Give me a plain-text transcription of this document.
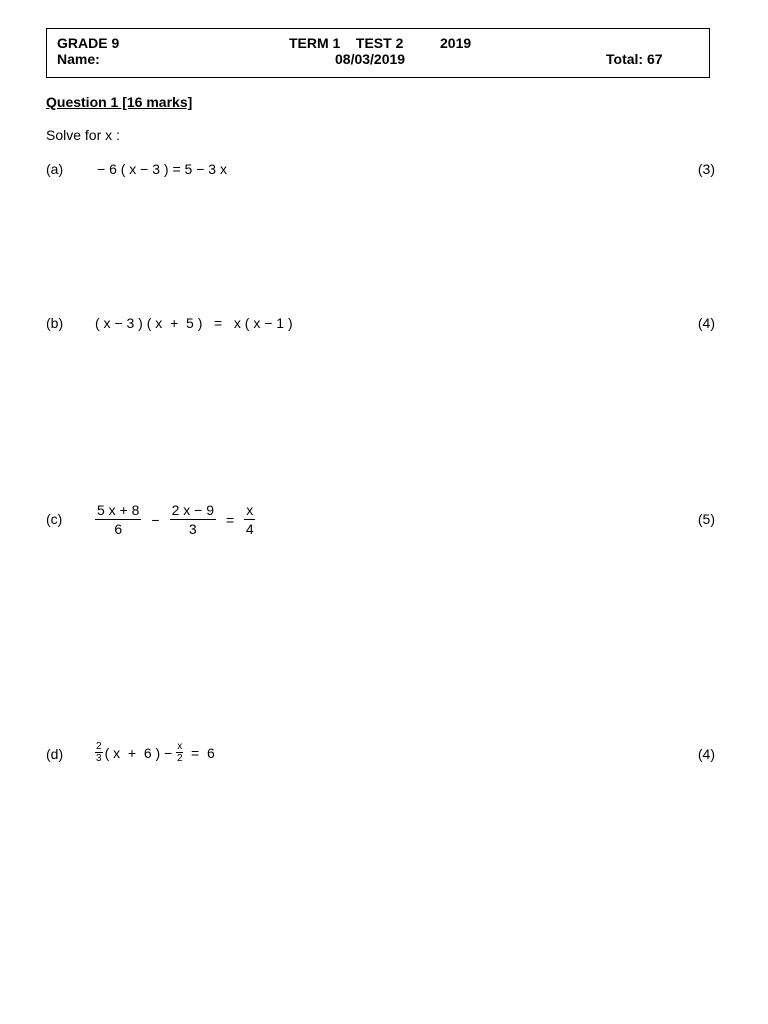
GRADE 9	TERM 1    TEST 2	2019
Name:	08/03/2019	Total: 67
Question 1 [16 marks]
Solve for x :
(a) − 6 ( x − 3 ) = 5 − 3 x	(3)
(b) ( x − 3 ) ( x  +  5 )   =   x ( x − 1 )	(4)
$(c) \frac{5 x + 8}{6} - \frac{2 x - 9}{3} = \frac{x}{4}$	(5)
(d)	$\frac{2}{3}$ ( x  +  6 ) − $\frac{x}{2} = 6$	(4)
